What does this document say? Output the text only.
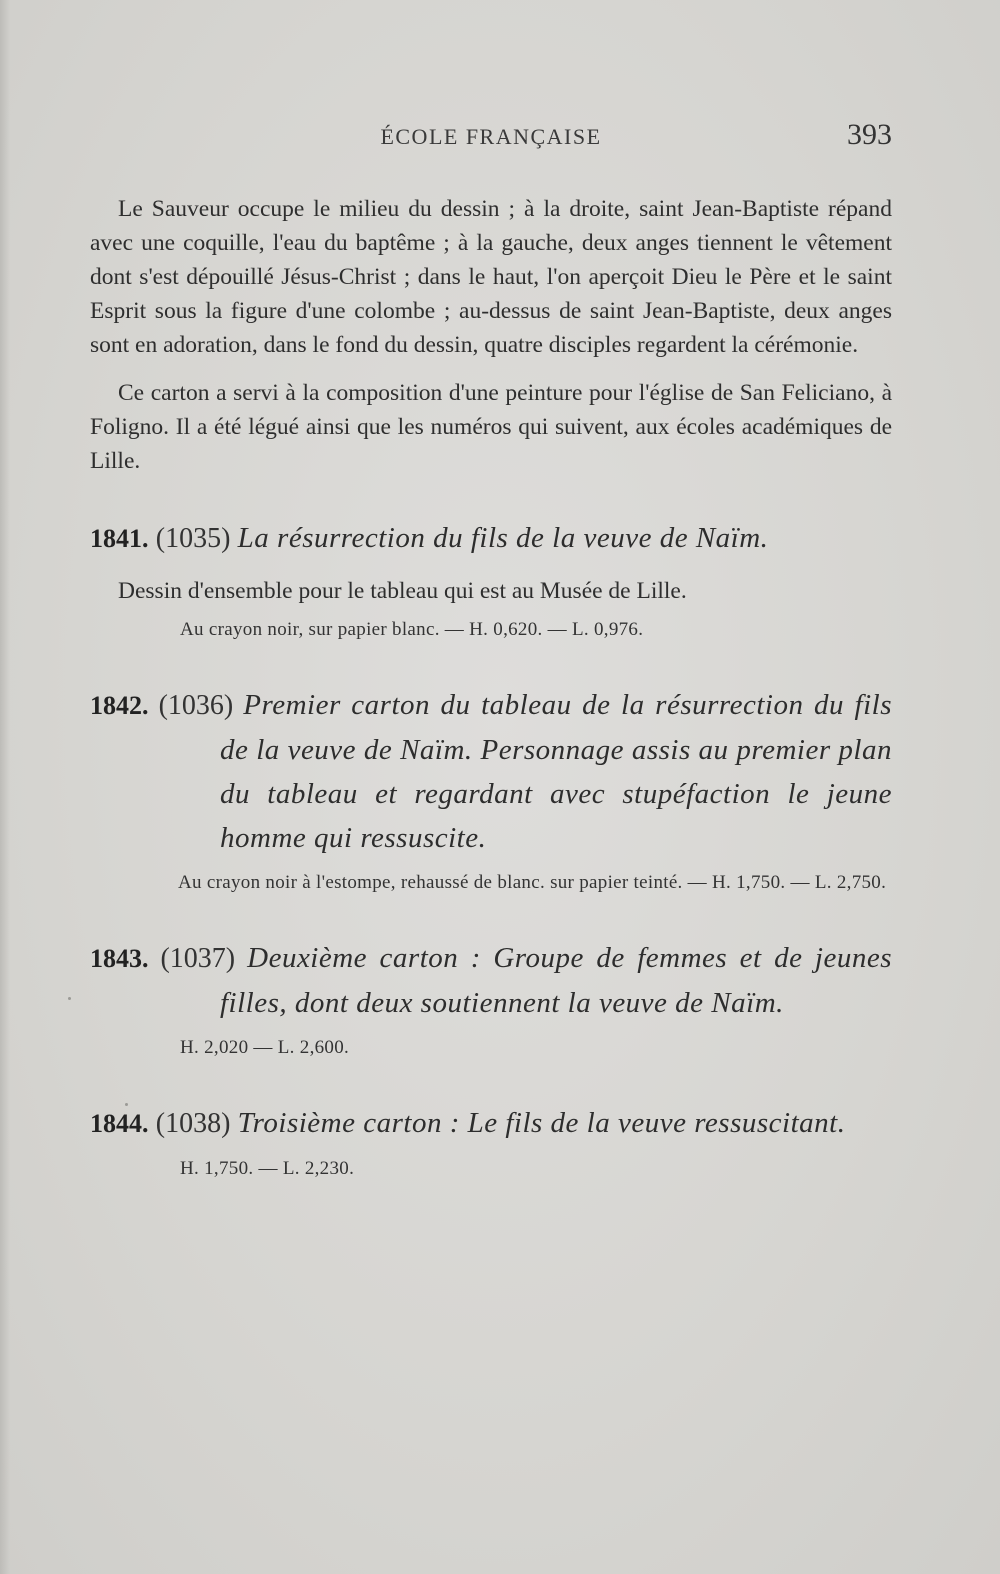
ÉCOLE FRANÇAISE	393

Le Sauveur occupe le milieu du dessin ; à la droite, saint Jean-Baptiste répand avec une coquille, l'eau du baptême ; à la gauche, deux anges tiennent le vêtement dont s'est dépouillé Jésus-Christ ; dans le haut, l'on aperçoit Dieu le Père et le saint Esprit sous la figure d'une colombe ; au-dessus de saint Jean-Baptiste, deux anges sont en adoration, dans le fond du dessin, quatre disciples regardent la cérémonie.

Ce carton a servi à la composition d'une peinture pour l'église de San Feliciano, à Foligno. Il a été légué ainsi que les numéros qui suivent, aux écoles académiques de Lille.

1841. (1035) La résurrection du fils de la veuve de Naïm.

Dessin d'ensemble pour le tableau qui est au Musée de Lille.

Au crayon noir, sur papier blanc. — H. 0,620. — L. 0,976.

1842. (1036) Premier carton du tableau de la résurrection du fils de la veuve de Naïm. Personnage assis au premier plan du tableau et regardant avec stupéfaction le jeune homme qui ressuscite.

Au crayon noir à l'estompe, rehaussé de blanc. sur papier teinté. — H. 1,750. — L. 2,750.

1843. (1037) Deuxième carton : Groupe de femmes et de jeunes filles, dont deux soutiennent la veuve de Naïm.

H. 2,020 — L. 2,600.

1844. (1038) Troisième carton : Le fils de la veuve ressuscitant.

H. 1,750. — L. 2,230.
